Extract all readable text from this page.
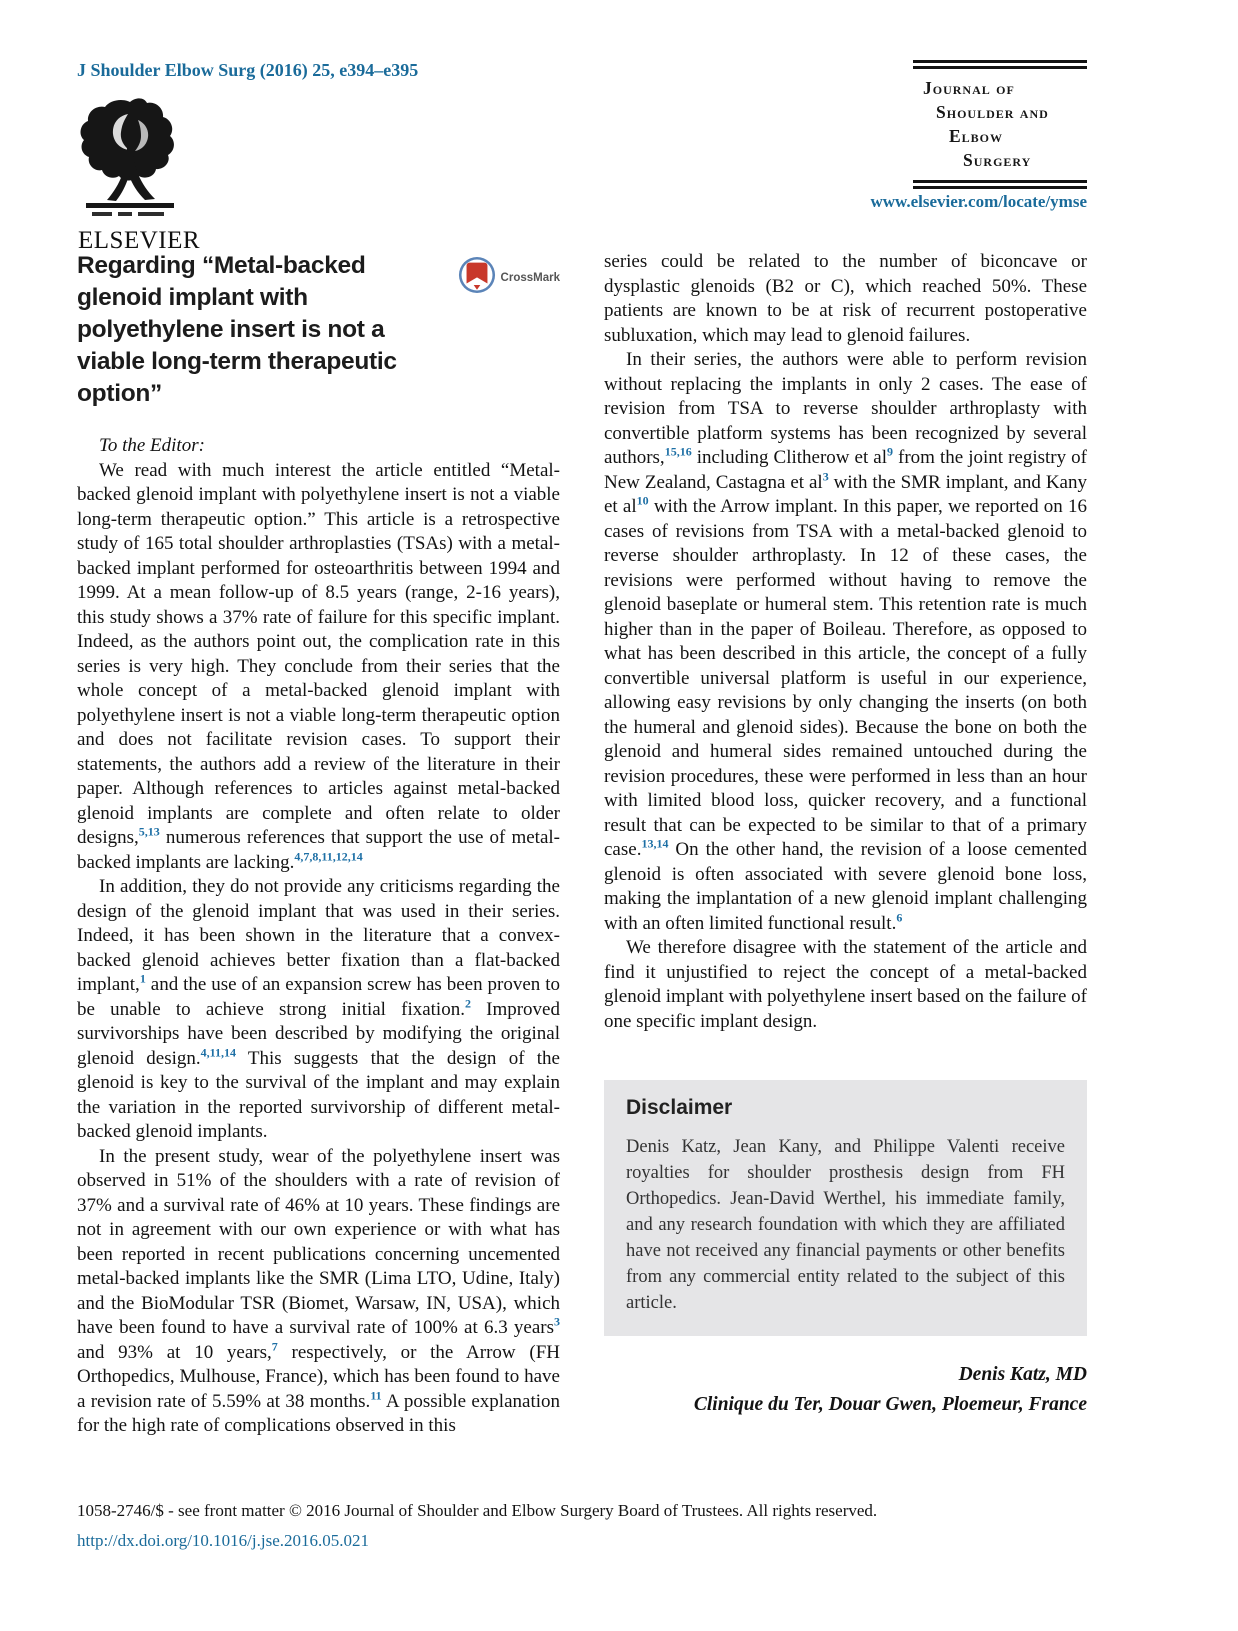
J Shoulder Elbow Surg (2016) 25, e394–e395
ELSEVIER
Journal of
Shoulder and
Elbow
Surgery
www.elsevier.com/locate/ymse
Regarding “Metal-backed glenoid implant with polyethylene insert is not a viable long-term therapeutic option”
CrossMark

To the Editor:

We read with much interest the article entitled “Metal-backed glenoid implant with polyethylene insert is not a viable long-term therapeutic option.” This article is a retrospective study of 165 total shoulder arthroplasties (TSAs) with a metal-backed implant performed for osteoarthritis between 1994 and 1999. At a mean follow-up of 8.5 years (range, 2-16 years), this study shows a 37% rate of failure for this specific implant. Indeed, as the authors point out, the complication rate in this series is very high. They conclude from their series that the whole concept of a metal-backed glenoid implant with polyethylene insert is not a viable long-term therapeutic option and does not facilitate revision cases. To support their statements, the authors add a review of the literature in their paper. Although references to articles against metal-backed glenoid implants are complete and often relate to older designs,$^{5,13}$ numerous references that support the use of metal-backed implants are lacking.$^{4,7,8,11,12,14}$

In addition, they do not provide any criticisms regarding the design of the glenoid implant that was used in their series. Indeed, it has been shown in the literature that a convex-backed glenoid achieves better fixation than a flat-backed implant,$^1$ and the use of an expansion screw has been proven to be unable to achieve strong initial fixation.$^2$ Improved survivorships have been described by modifying the original glenoid design.$^{4,11,14}$ This suggests that the design of the glenoid is key to the survival of the implant and may explain the variation in the reported survivorship of different metal-backed glenoid implants.

In the present study, wear of the polyethylene insert was observed in 51% of the shoulders with a rate of revision of 37% and a survival rate of 46% at 10 years. These findings are not in agreement with our own experience or with what has been reported in recent publications concerning uncemented metal-backed implants like the SMR (Lima LTO, Udine, Italy) and the BioModular TSR (Biomet, Warsaw, IN, USA), which have been found to have a survival rate of 100% at 6.3 years$^3$ and 93% at 10 years,$^7$ respectively, or the Arrow (FH Orthopedics, Mulhouse, France), which has been found to have a revision rate of 5.59% at 38 months.$^{11}$ A possible explanation for the high rate of complications observed in this

series could be related to the number of biconcave or dysplastic glenoids (B2 or C), which reached 50%. These patients are known to be at risk of recurrent postoperative subluxation, which may lead to glenoid failures.

In their series, the authors were able to perform revision without replacing the implants in only 2 cases. The ease of revision from TSA to reverse shoulder arthroplasty with convertible platform systems has been recognized by several authors,$^{15,16}$ including Clitherow et $al^9$ from the joint registry of New Zealand, Castagna et $al^3$ with the SMR implant, and Kany et $al^{10}$ with the Arrow implant. In this paper, we reported on 16 cases of revisions from TSA with a metal-backed glenoid to reverse shoulder arthroplasty. In 12 of these cases, the revisions were performed without having to remove the glenoid baseplate or humeral stem. This retention rate is much higher than in the paper of Boileau. Therefore, as opposed to what has been described in this article, the concept of a fully convertible universal platform is useful in our experience, allowing easy revisions by only changing the inserts (on both the humeral and glenoid sides). Because the bone on both the glenoid and humeral sides remained untouched during the revision procedures, these were performed in less than an hour with limited blood loss, quicker recovery, and a functional result that can be expected to be similar to that of a primary case.$^{13,14}$ On the other hand, the revision of a loose cemented glenoid is often associated with severe glenoid bone loss, making the implantation of a new glenoid implant challenging with an often limited functional result.$^6$

We therefore disagree with the statement of the article and find it unjustified to reject the concept of a metal-backed glenoid implant with polyethylene insert based on the failure of one specific implant design.

Disclaimer

Denis Katz, Jean Kany, and Philippe Valenti receive royalties for shoulder prosthesis design from FH Orthopedics. Jean-David Werthel, his immediate family, and any research foundation with which they are affiliated have not received any financial payments or other benefits from any commercial entity related to the subject of this article.

Denis Katz, MD
Clinique du Ter, Douar Gwen, Ploemeur, France
1058-2746/$ - see front matter © 2016 Journal of Shoulder and Elbow Surgery Board of Trustees. All rights reserved.
http://dx.doi.org/10.1016/j.jse.2016.05.021
